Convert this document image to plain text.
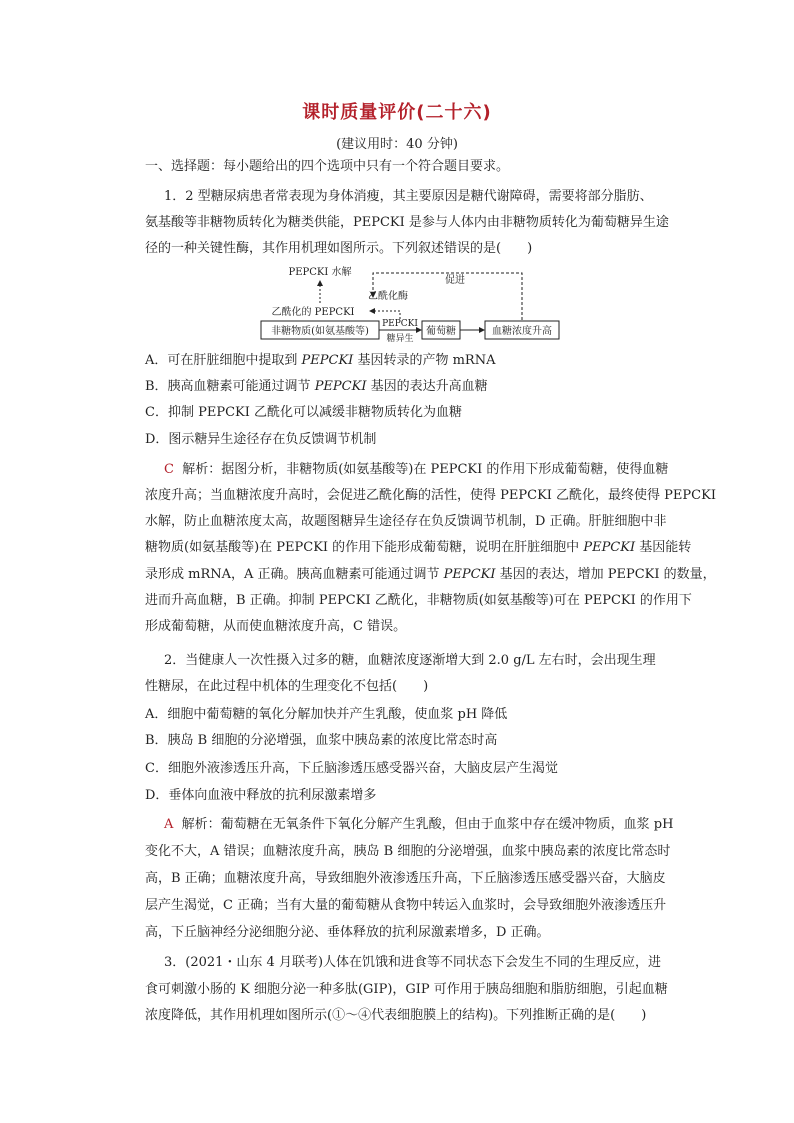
课时质量评价(二十六)
(建议用时：40 分钟)
一、选择题：每小题给出的四个选项中只有一个符合题目要求。
1．2 型糖尿病患者常表现为身体消瘦，其主要原因是糖代谢障碍，需要将部分脂肪、
氨基酸等非糖物质转化为糖类供能，PEPCKI 是参与人体内由非糖物质转化为葡萄糖异生途
径的一种关键性酶，其作用机理如图所示。下列叙述错误的是(　　)
非糖物质(如氨基酸等)	葡萄糖	血糖浓度升高
PEPCKI
糖异生
促进
乙酰化酶
乙酰化的 PEPCKI
PEPCKI 水解
A．可在肝脏细胞中提取到 PEPCKI 基因转录的产物 mRNA
B．胰高血糖素可能通过调节 PEPCKI 基因的表达升高血糖
C．抑制 PEPCKI 乙酰化可以减缓非糖物质转化为血糖
D．图示糖异生途径存在负反馈调节机制
C 解析：据图分析，非糖物质(如氨基酸等)在 PEPCKI 的作用下形成葡萄糖，使得血糖
浓度升高；当血糖浓度升高时，会促进乙酰化酶的活性，使得 PEPCKI 乙酰化，最终使得 PEPCKI
水解，防止血糖浓度太高，故题图糖异生途径存在负反馈调节机制，D 正确。肝脏细胞中非
糖物质(如氨基酸等)在 PEPCKI 的作用下能形成葡萄糖，说明在肝脏细胞中 PEPCKI 基因能转
录形成 mRNA，A 正确。胰高血糖素可能通过调节 PEPCKI 基因的表达，增加 PEPCKI 的数量，
进而升高血糖，B 正确。抑制 PEPCKI 乙酰化，非糖物质(如氨基酸等)可在 PEPCKI 的作用下
形成葡萄糖，从而使血糖浓度升高，C 错误。
2．当健康人一次性摄入过多的糖，血糖浓度逐渐增大到 2.0 g/L 左右时，会出现生理
性糖尿，在此过程中机体的生理变化不包括(　　)
A．细胞中葡萄糖的氧化分解加快并产生乳酸，使血浆 pH 降低
B．胰岛 B 细胞的分泌增强，血浆中胰岛素的浓度比常态时高
C．细胞外液渗透压升高，下丘脑渗透压感受器兴奋，大脑皮层产生渴觉
D．垂体向血液中释放的抗利尿激素增多
A 解析：葡萄糖在无氧条件下氧化分解产生乳酸，但由于血浆中存在缓冲物质，血浆 pH
变化不大，A 错误；血糖浓度升高，胰岛 B 细胞的分泌增强，血浆中胰岛素的浓度比常态时
高，B 正确；血糖浓度升高，导致细胞外液渗透压升高，下丘脑渗透压感受器兴奋，大脑皮
层产生渴觉，C 正确；当有大量的葡萄糖从食物中转运入血浆时，会导致细胞外液渗透压升
高，下丘脑神经分泌细胞分泌、垂体释放的抗利尿激素增多，D 正确。
3．(2021・山东 4 月联考)人体在饥饿和进食等不同状态下会发生不同的生理反应，进
食可刺激小肠的 K 细胞分泌一种多肽(GIP)，GIP 可作用于胰岛细胞和脂肪细胞，引起血糖
浓度降低，其作用机理如图所示(①～④代表细胞膜上的结构)。下列推断正确的是(　　)
